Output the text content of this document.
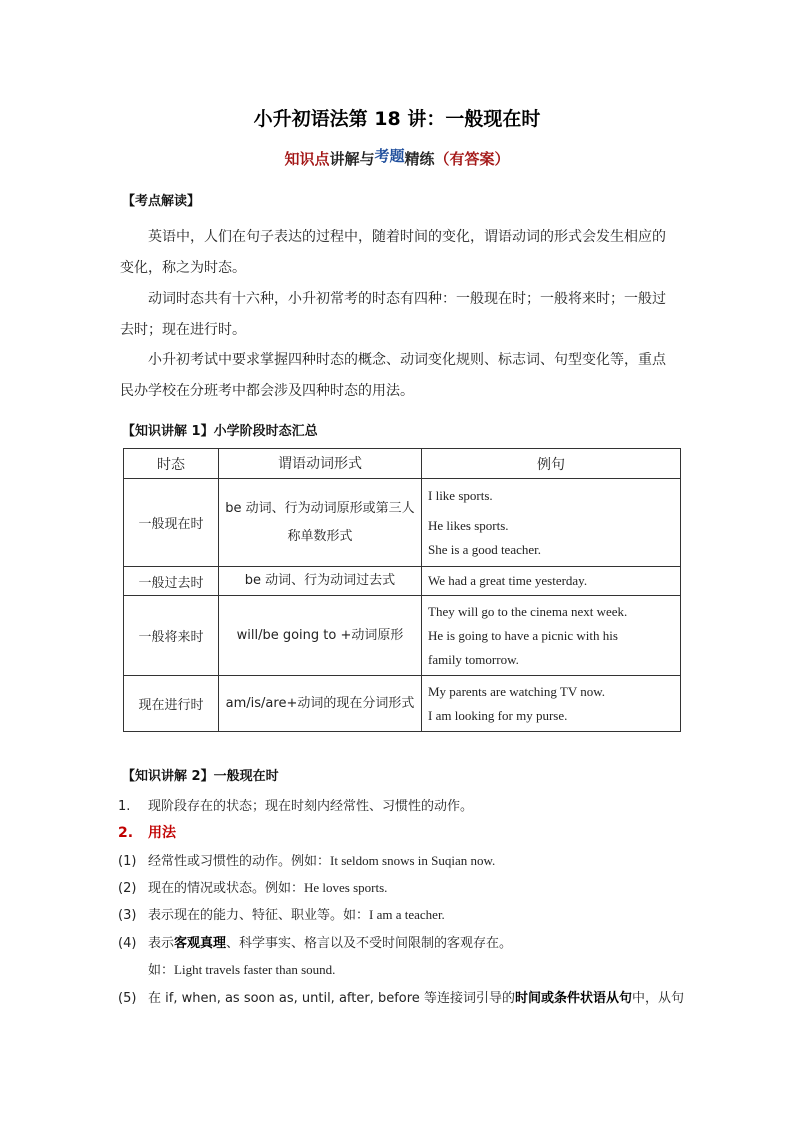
小升初语法第 18 讲：一般现在时
知识点讲解与考题精练（有答案）
【考点解读】
英语中，人们在句子表达的过程中，随着时间的变化，谓语动词的形式会发生相应的变化，称之为时态。
动词时态共有十六种，小升初常考的时态有四种：一般现在时；一般将来时；一般过去时；现在进行时。
小升初考试中要求掌握四种时态的概念、动词变化规则、标志词、句型变化等，重点民办学校在分班考中都会涉及四种时态的用法。
【知识讲解 1】小学阶段时态汇总
时态	谓语动词形式	例句
一般现在时	be 动词、行为动词原形或第三人称单数形式	I like sports.
He likes sports.
She is a good teacher.

一般过去时	be 动词、行为动词过去式	We had a great time yesterday.

一般将来时	will/be going to +动词原形	They will go to the cinema next week.
He is going to have a picnic with his
family tomorrow.

现在进行时	am/is/are+动词的现在分词形式	My parents are watching TV now.
I am looking for my purse.
【知识讲解 2】一般现在时
1. 现阶段存在的状态；现在时刻内经常性、习惯性的动作。
2. 用法
(1) 经常性或习惯性的动作。例如：It seldom snows in Suqian now.
(2) 现在的情况或状态。例如：He loves sports.
(3) 表示现在的能力、特征、职业等。如：I am a teacher.
(4) 表示客观真理、科学事实、格言以及不受时间限制的客观存在。
如：Light travels faster than sound.
(5) 在 if, when, as soon as, until, after, before 等连接词引导的时间或条件状语从句中，从句
